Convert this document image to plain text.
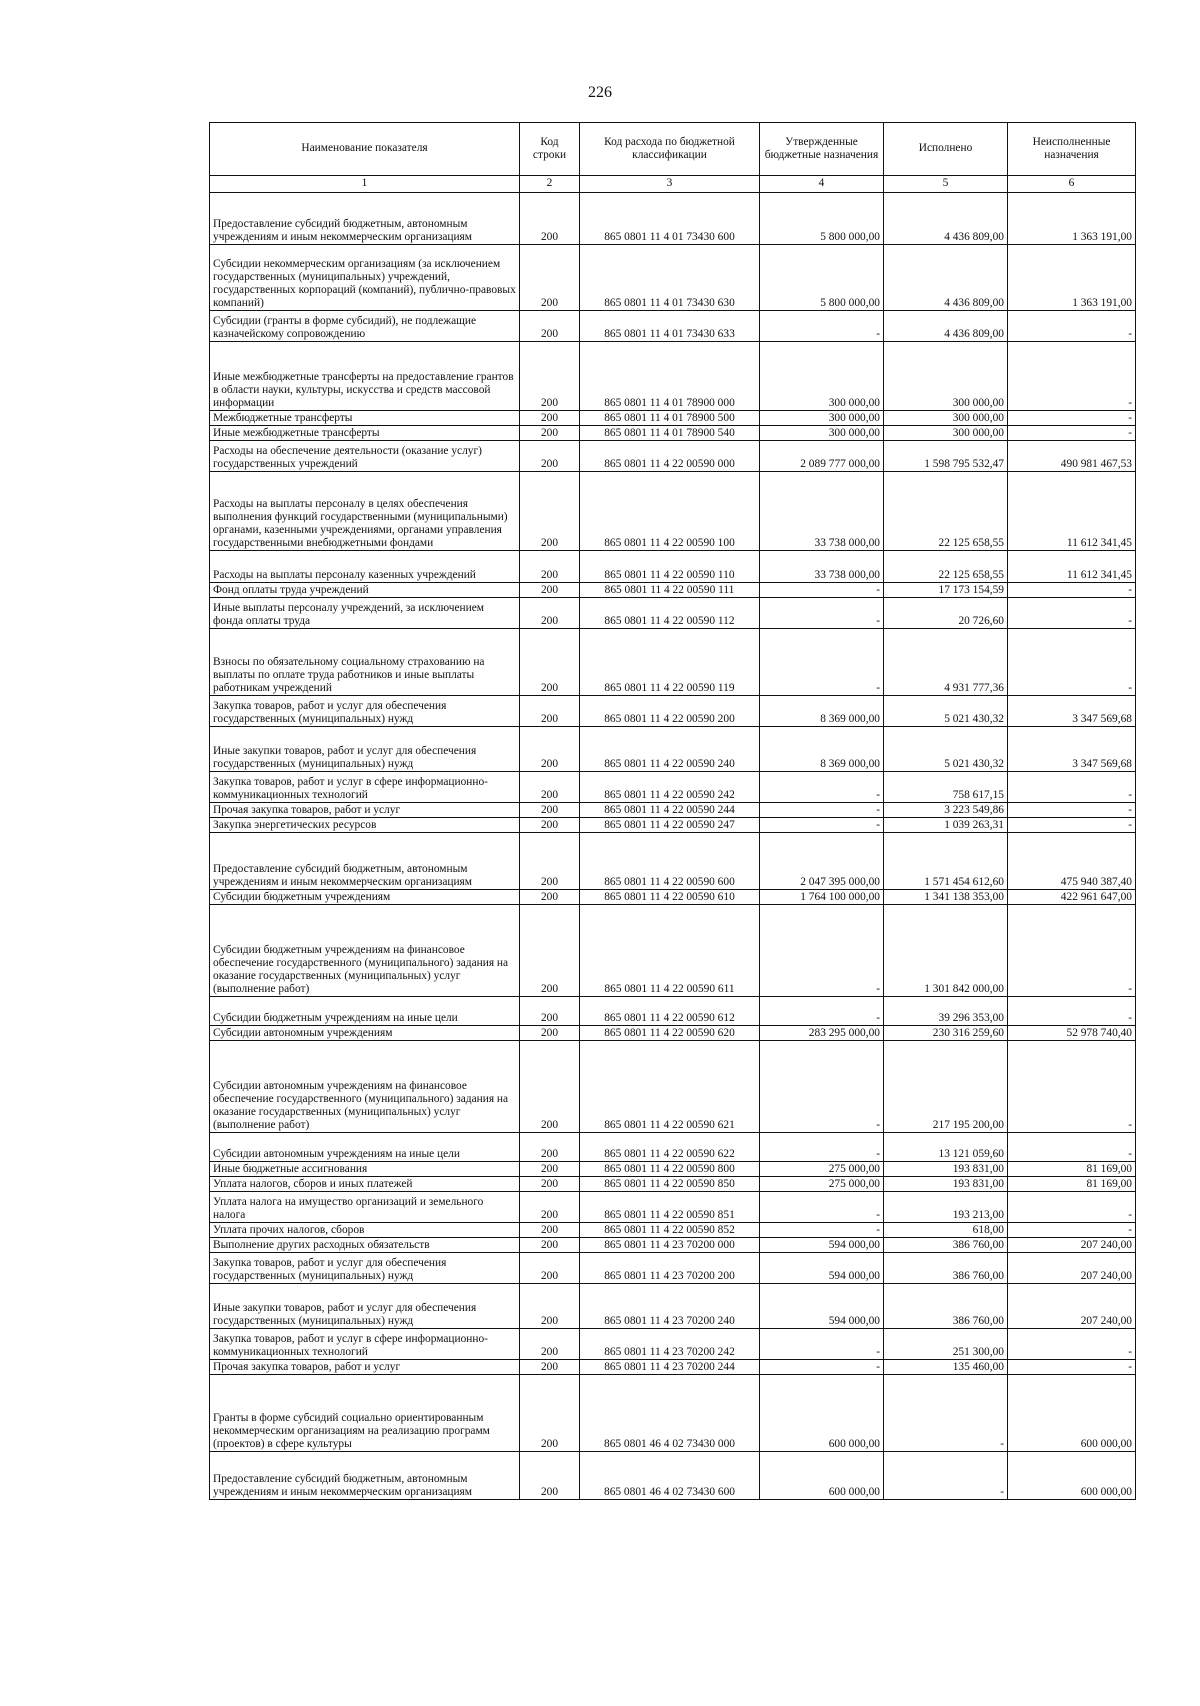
226
Наименование показателя	Код строки	Код расхода по бюджетной классификации	Утвержденные бюджетные назначения	Исполнено	Неисполненные назначения
1	2	3	4	5	6
Предоставление субсидий бюджетным, автономным учреждениям и иным некоммерческим организациям	200	865 0801 11 4 01 73430 600	5 800 000,00	4 436 809,00	1 363 191,00
Субсидии некоммерческим организациям (за исключением государственных (муниципальных) учреждений, государственных корпораций (компаний), публично-правовых компаний)	200	865 0801 11 4 01 73430 630	5 800 000,00	4 436 809,00	1 363 191,00
Субсидии (гранты в форме субсидий), не подлежащие казначейскому сопровождению	200	865 0801 11 4 01 73430 633	-	4 436 809,00	-
Иные межбюджетные трансферты на предоставление грантов в области науки, культуры, искусства и средств массовой информации	200	865 0801 11 4 01 78900 000	300 000,00	300 000,00	-
Межбюджетные трансферты	200	865 0801 11 4 01 78900 500	300 000,00	300 000,00	-
Иные межбюджетные трансферты	200	865 0801 11 4 01 78900 540	300 000,00	300 000,00	-
Расходы на обеспечение деятельности (оказание услуг) государственных учреждений	200	865 0801 11 4 22 00590 000	2 089 777 000,00	1 598 795 532,47	490 981 467,53
Расходы на выплаты персоналу в целях обеспечения выполнения функций государственными (муниципальными) органами, казенными учреждениями, органами управления государственными внебюджетными фондами	200	865 0801 11 4 22 00590 100	33 738 000,00	22 125 658,55	11 612 341,45
Расходы на выплаты персоналу казенных учреждений	200	865 0801 11 4 22 00590 110	33 738 000,00	22 125 658,55	11 612 341,45
Фонд оплаты труда учреждений	200	865 0801 11 4 22 00590 111	-	17 173 154,59	-
Иные выплаты персоналу учреждений, за исключением фонда оплаты труда	200	865 0801 11 4 22 00590 112	-	20 726,60	-
Взносы по обязательному социальному страхованию на выплаты по оплате труда работников и иные выплаты работникам учреждений	200	865 0801 11 4 22 00590 119	-	4 931 777,36	-
Закупка товаров, работ и услуг для обеспечения государственных (муниципальных) нужд	200	865 0801 11 4 22 00590 200	8 369 000,00	5 021 430,32	3 347 569,68
Иные закупки товаров, работ и услуг для обеспечения государственных (муниципальных) нужд	200	865 0801 11 4 22 00590 240	8 369 000,00	5 021 430,32	3 347 569,68
Закупка товаров, работ и услуг в сфере информационно-коммуникационных технологий	200	865 0801 11 4 22 00590 242	-	758 617,15	-
Прочая закупка товаров, работ и услуг	200	865 0801 11 4 22 00590 244	-	3 223 549,86	-
Закупка энергетических ресурсов	200	865 0801 11 4 22 00590 247	-	1 039 263,31	-
Предоставление субсидий бюджетным, автономным учреждениям и иным некоммерческим организациям	200	865 0801 11 4 22 00590 600	2 047 395 000,00	1 571 454 612,60	475 940 387,40
Субсидии бюджетным учреждениям	200	865 0801 11 4 22 00590 610	1 764 100 000,00	1 341 138 353,00	422 961 647,00
Субсидии бюджетным учреждениям на финансовое обеспечение государственного (муниципального) задания на оказание государственных (муниципальных) услуг (выполнение работ)	200	865 0801 11 4 22 00590 611	-	1 301 842 000,00	-
Субсидии бюджетным учреждениям на иные цели	200	865 0801 11 4 22 00590 612	-	39 296 353,00	-
Субсидии автономным учреждениям	200	865 0801 11 4 22 00590 620	283 295 000,00	230 316 259,60	52 978 740,40
Субсидии автономным учреждениям на финансовое обеспечение государственного (муниципального) задания на оказание государственных (муниципальных) услуг (выполнение работ)	200	865 0801 11 4 22 00590 621	-	217 195 200,00	-
Субсидии автономным учреждениям на иные цели	200	865 0801 11 4 22 00590 622	-	13 121 059,60	-
Иные бюджетные ассигнования	200	865 0801 11 4 22 00590 800	275 000,00	193 831,00	81 169,00
Уплата налогов, сборов и иных платежей	200	865 0801 11 4 22 00590 850	275 000,00	193 831,00	81 169,00
Уплата налога на имущество организаций и земельного налога	200	865 0801 11 4 22 00590 851	-	193 213,00	-
Уплата прочих налогов, сборов	200	865 0801 11 4 22 00590 852	-	618,00	-
Выполнение других расходных обязательств	200	865 0801 11 4 23 70200 000	594 000,00	386 760,00	207 240,00
Закупка товаров, работ и услуг для обеспечения государственных (муниципальных) нужд	200	865 0801 11 4 23 70200 200	594 000,00	386 760,00	207 240,00
Иные закупки товаров, работ и услуг для обеспечения государственных (муниципальных) нужд	200	865 0801 11 4 23 70200 240	594 000,00	386 760,00	207 240,00
Закупка товаров, работ и услуг в сфере информационно-коммуникационных технологий	200	865 0801 11 4 23 70200 242	-	251 300,00	-
Прочая закупка товаров, работ и услуг	200	865 0801 11 4 23 70200 244	-	135 460,00	-
Гранты в форме субсидий социально ориентированным некоммерческим организациям на реализацию программ (проектов) в сфере культуры	200	865 0801 46 4 02 73430 000	600 000,00	-	600 000,00
Предоставление субсидий бюджетным, автономным учреждениям и иным некоммерческим организациям	200	865 0801 46 4 02 73430 600	600 000,00	-	600 000,00
